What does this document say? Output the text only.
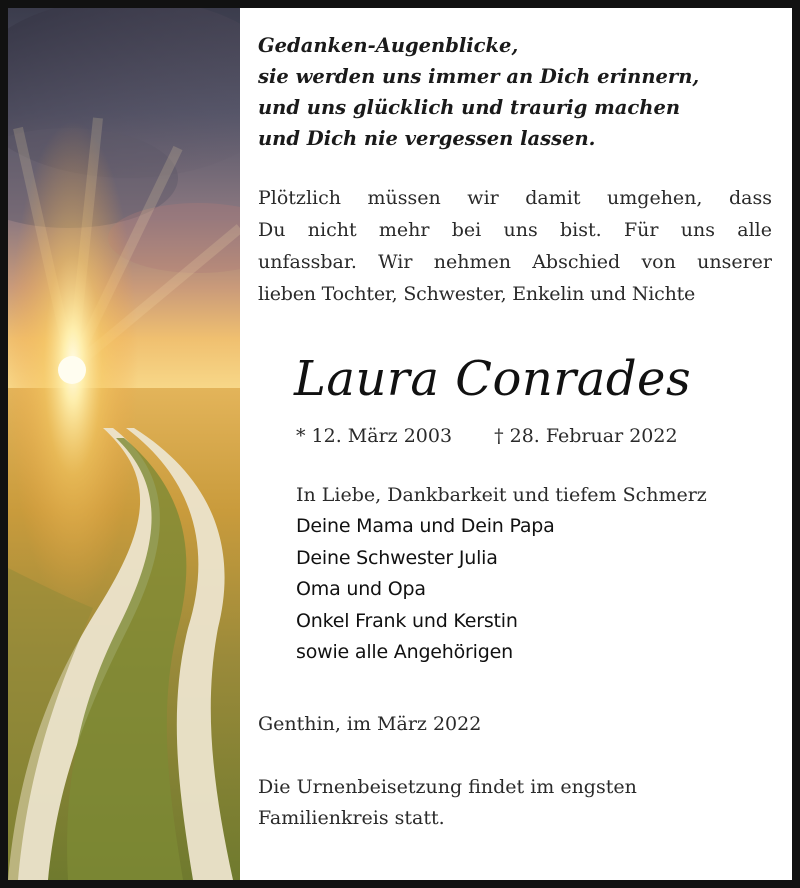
Gedanken-Augenblicke,
sie werden uns immer an Dich erinnern,
und uns glücklich und traurig machen
und Dich nie vergessen lassen.
Plötzlich müssen wir damit umgehen, dass
Du nicht mehr bei uns bist. Für uns alle
unfassbar. Wir nehmen Abschied von unserer
lieben Tochter, Schwester, Enkelin und Nichte
Laura Conrades
* 12. März 2003 † 28. Februar 2022
In Liebe, Dankbarkeit und tiefem Schmerz
Deine Mama und Dein Papa
Deine Schwester Julia
Oma und Opa
Onkel Frank und Kerstin
sowie alle Angehörigen
Genthin, im März 2022
Die Urnenbeisetzung findet im engsten
Familienkreis statt.
